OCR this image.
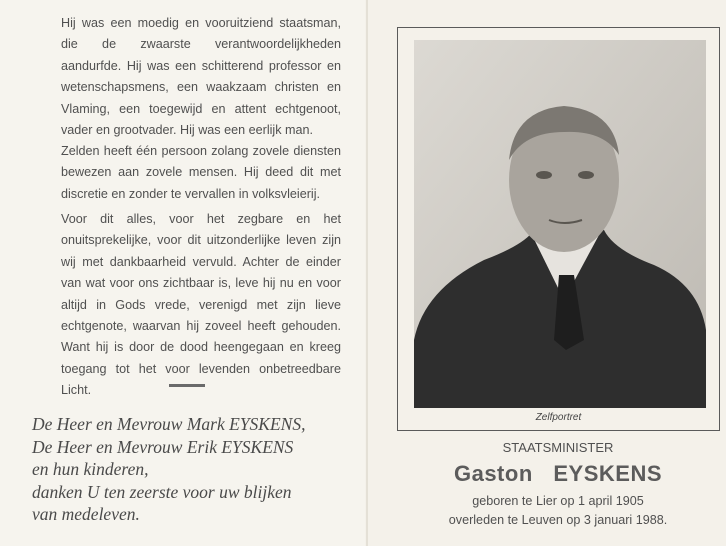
Hij was een moedig en vooruitziend staatsman, die de zwaarste verantwoordelijkheden aandurfde. Hij was een schitterend professor en wetenschapsmens, een waakzaam christen en Vlaming, een toegewijd en attent echtgenoot, vader en grootvader. Hij was een eerlijk man.
Zelden heeft één persoon zolang zovele diensten bewezen aan zovele mensen. Hij deed dit met discretie en zonder te vervallen in volksvleierij.
Voor dit alles, voor het zegbare en het onuitsprekelijke, voor dit uitzonderlijke leven zijn wij met dankbaarheid vervuld. Achter de einder van wat voor ons zichtbaar is, leve hij nu en voor altijd in Gods vrede, verenigd met zijn lieve echtgenote, waarvan hij zoveel heeft gehouden. Want hij is door de dood heengegaan en kreeg toegang tot het voor levenden onbetreedbare Licht.
De Heer en Mevrouw Mark EYSKENS,
De Heer en Mevrouw Erik EYSKENS
en hun kinderen,
danken U ten zeerste voor uw blijken
van medeleven.
Zelfportret
STAATSMINISTER
Gaston EYSKENS
geboren te Lier op 1 april 1905
overleden te Leuven op 3 januari 1988.
